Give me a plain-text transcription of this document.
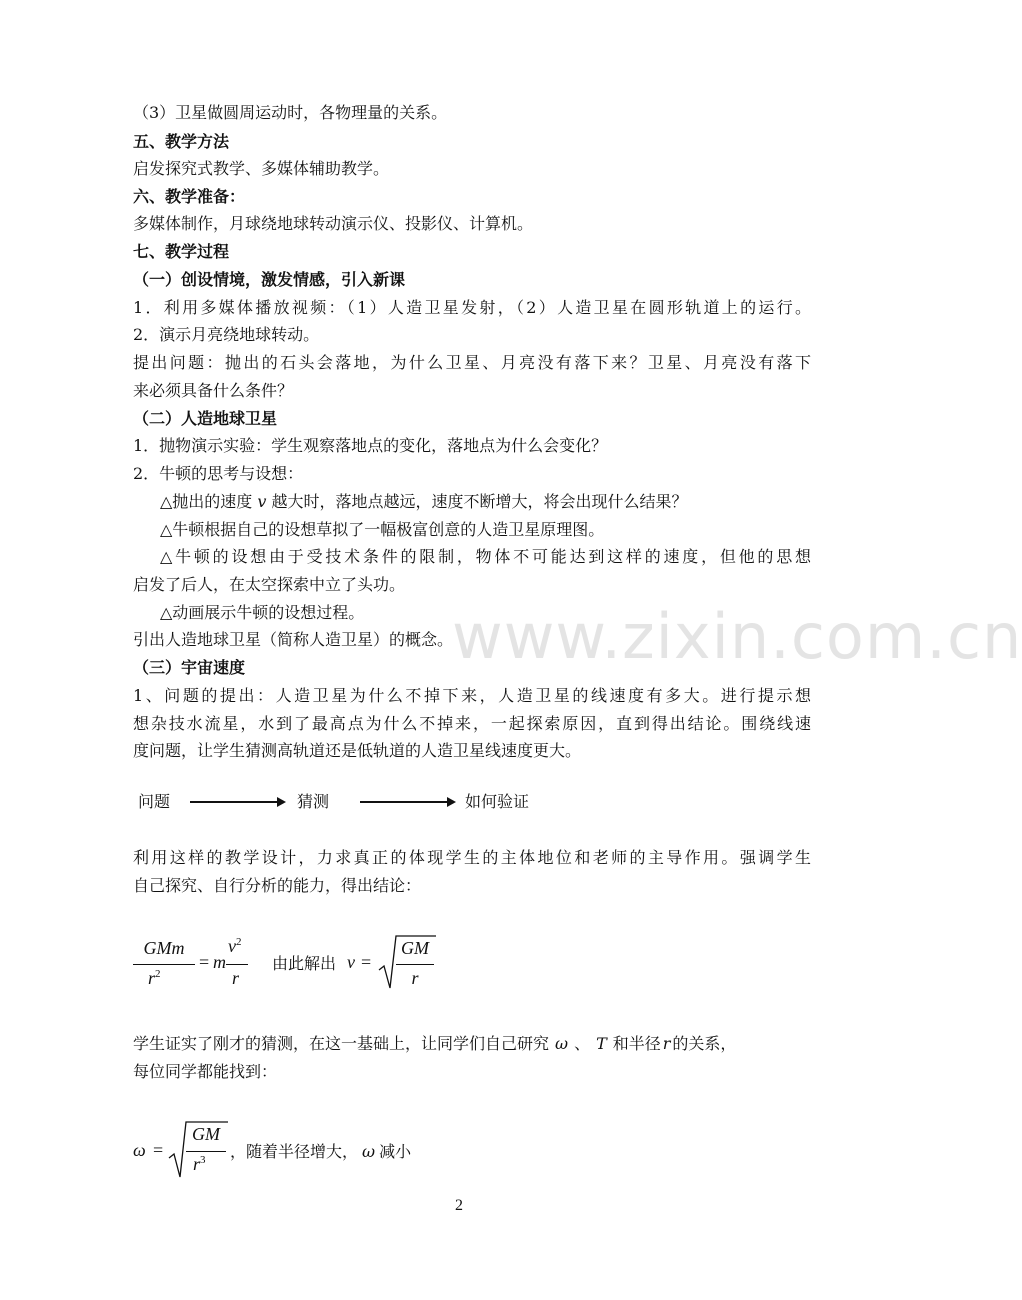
www.zixin.com.cn
（3）卫星做圆周运动时，各物理量的关系。
五、教学方法
启发探究式教学、多媒体辅助教学。
六、教学准备：
多媒体制作，月球绕地球转动演示仪、投影仪、计算机。
七、教学过程
（一）创设情境，激发情感，引入新课
1．利用多媒体播放视频：（1）人造卫星发射，（2）人造卫星在圆形轨道上的运行。
2．演示月亮绕地球转动。
提出问题：抛出的石头会落地，为什么卫星、月亮没有落下来？卫星、月亮没有落下
来必须具备什么条件？
（二）人造地球卫星
1．抛物演示实验：学生观察落地点的变化，落地点为什么会变化？
2．牛顿的思考与设想：
△抛出的速度 v 越大时，落地点越远，速度不断增大，将会出现什么结果？
△牛顿根据自己的设想草拟了一幅极富创意的人造卫星原理图。
△牛顿的设想由于受技术条件的限制，物体不可能达到这样的速度，但他的思想
启发了后人，在太空探索中立了头功。
△动画展示牛顿的设想过程。
引出人造地球卫星（简称人造卫星）的概念。
（三）宇宙速度
1、问题的提出：人造卫星为什么不掉下来，人造卫星的线速度有多大。进行提示想
想杂技水流星，水到了最高点为什么不掉来，一起探索原因，直到得出结论。围绕线速
度问题，让学生猜测高轨道还是低轨道的人造卫星线速度更大。
问题	猜测	如何验证
利用这样的教学设计，力求真正的体现学生的主体地位和老师的主导作用。强调学生
自己探究、自行分析的能力，得出结论：
GMm
$r^2$
= m
$v^2$
r
由此解出 v =
GM
r
学生证实了刚才的猜测，在这一基础上，让同学们自己研究 ω 、 T 和半径 r 的关系，
每位同学都能找到：
ω =
GM
$r^3$ ，随着半径增大， ω 减小
2
